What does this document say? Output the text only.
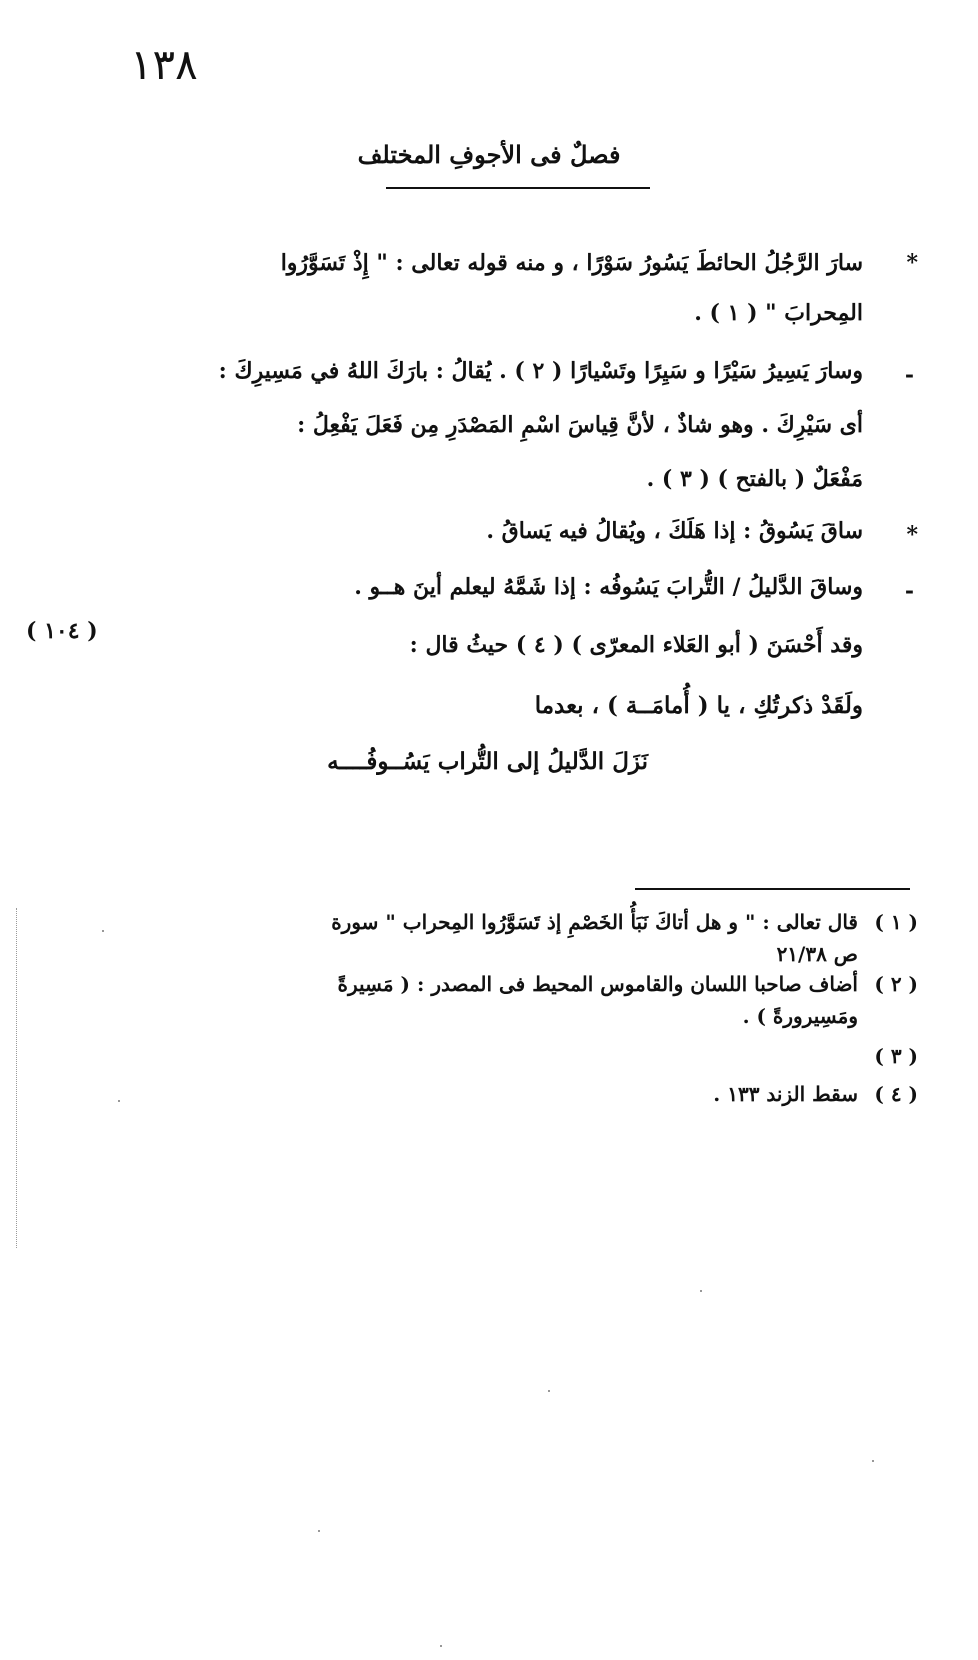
١٣٨
فصلٌ فى الأجوفِ المختلف
*
سارَ الرَّجُلُ الحائطَ يَسُورُ سَوْرًا ، و منه قوله تعالى : " إِذْ تَسَوَّرُوا
المِحرابَ " ( ١ ) .
-
وسارَ يَسِيرُ سَيْرًا و سَيِرًا وتَسْيارًا ( ٢ ) . يُقالُ : بارَكَ اللهُ في مَسِيرِكَ :
أى سَيْرِكَ . وهو شاذٌ ، لأنَّ قِياسَ اسْمِ المَصْدَرِ مِن فَعَلَ يَفْعِلُ :
مَفْعَلٌ ( بالفتح ) ( ٣ ) .
*
ساقَ يَسُوقُ : إذا هَلَكَ ، ويُقالُ فيه يَساقُ .
-
وساقَ الدَّليلُ / التُّرابَ يَسُوفُه : إذا شَمَّهُ ليعلم أينَ هــو .
وقد أَحْسَنَ ( أبو العَلاء المعرّى ) ( ٤ ) حيثُ قال :
( ١٠٤ )
ولَقَدْ ذكرتُكِ ، يا ( أُمامَــة ) ، بعدما
نَزَلَ الدَّليلُ إلى التُّراب يَسُــوفُــــه
( ١ )قال تعالى : " و هل أتاكَ نَبَأُ الخَصْمِ إذ تَسَوَّرُوا المِحراب " سورة
ص ٢١/٣٨
( ٢ )أضاف صاحبا اللسان والقاموس المحيط فى المصدر : ( مَسِيرةً
ومَسِيرورةً ) .
( ٣ )
( ٤ )سقط الزند ١٣٣ .
